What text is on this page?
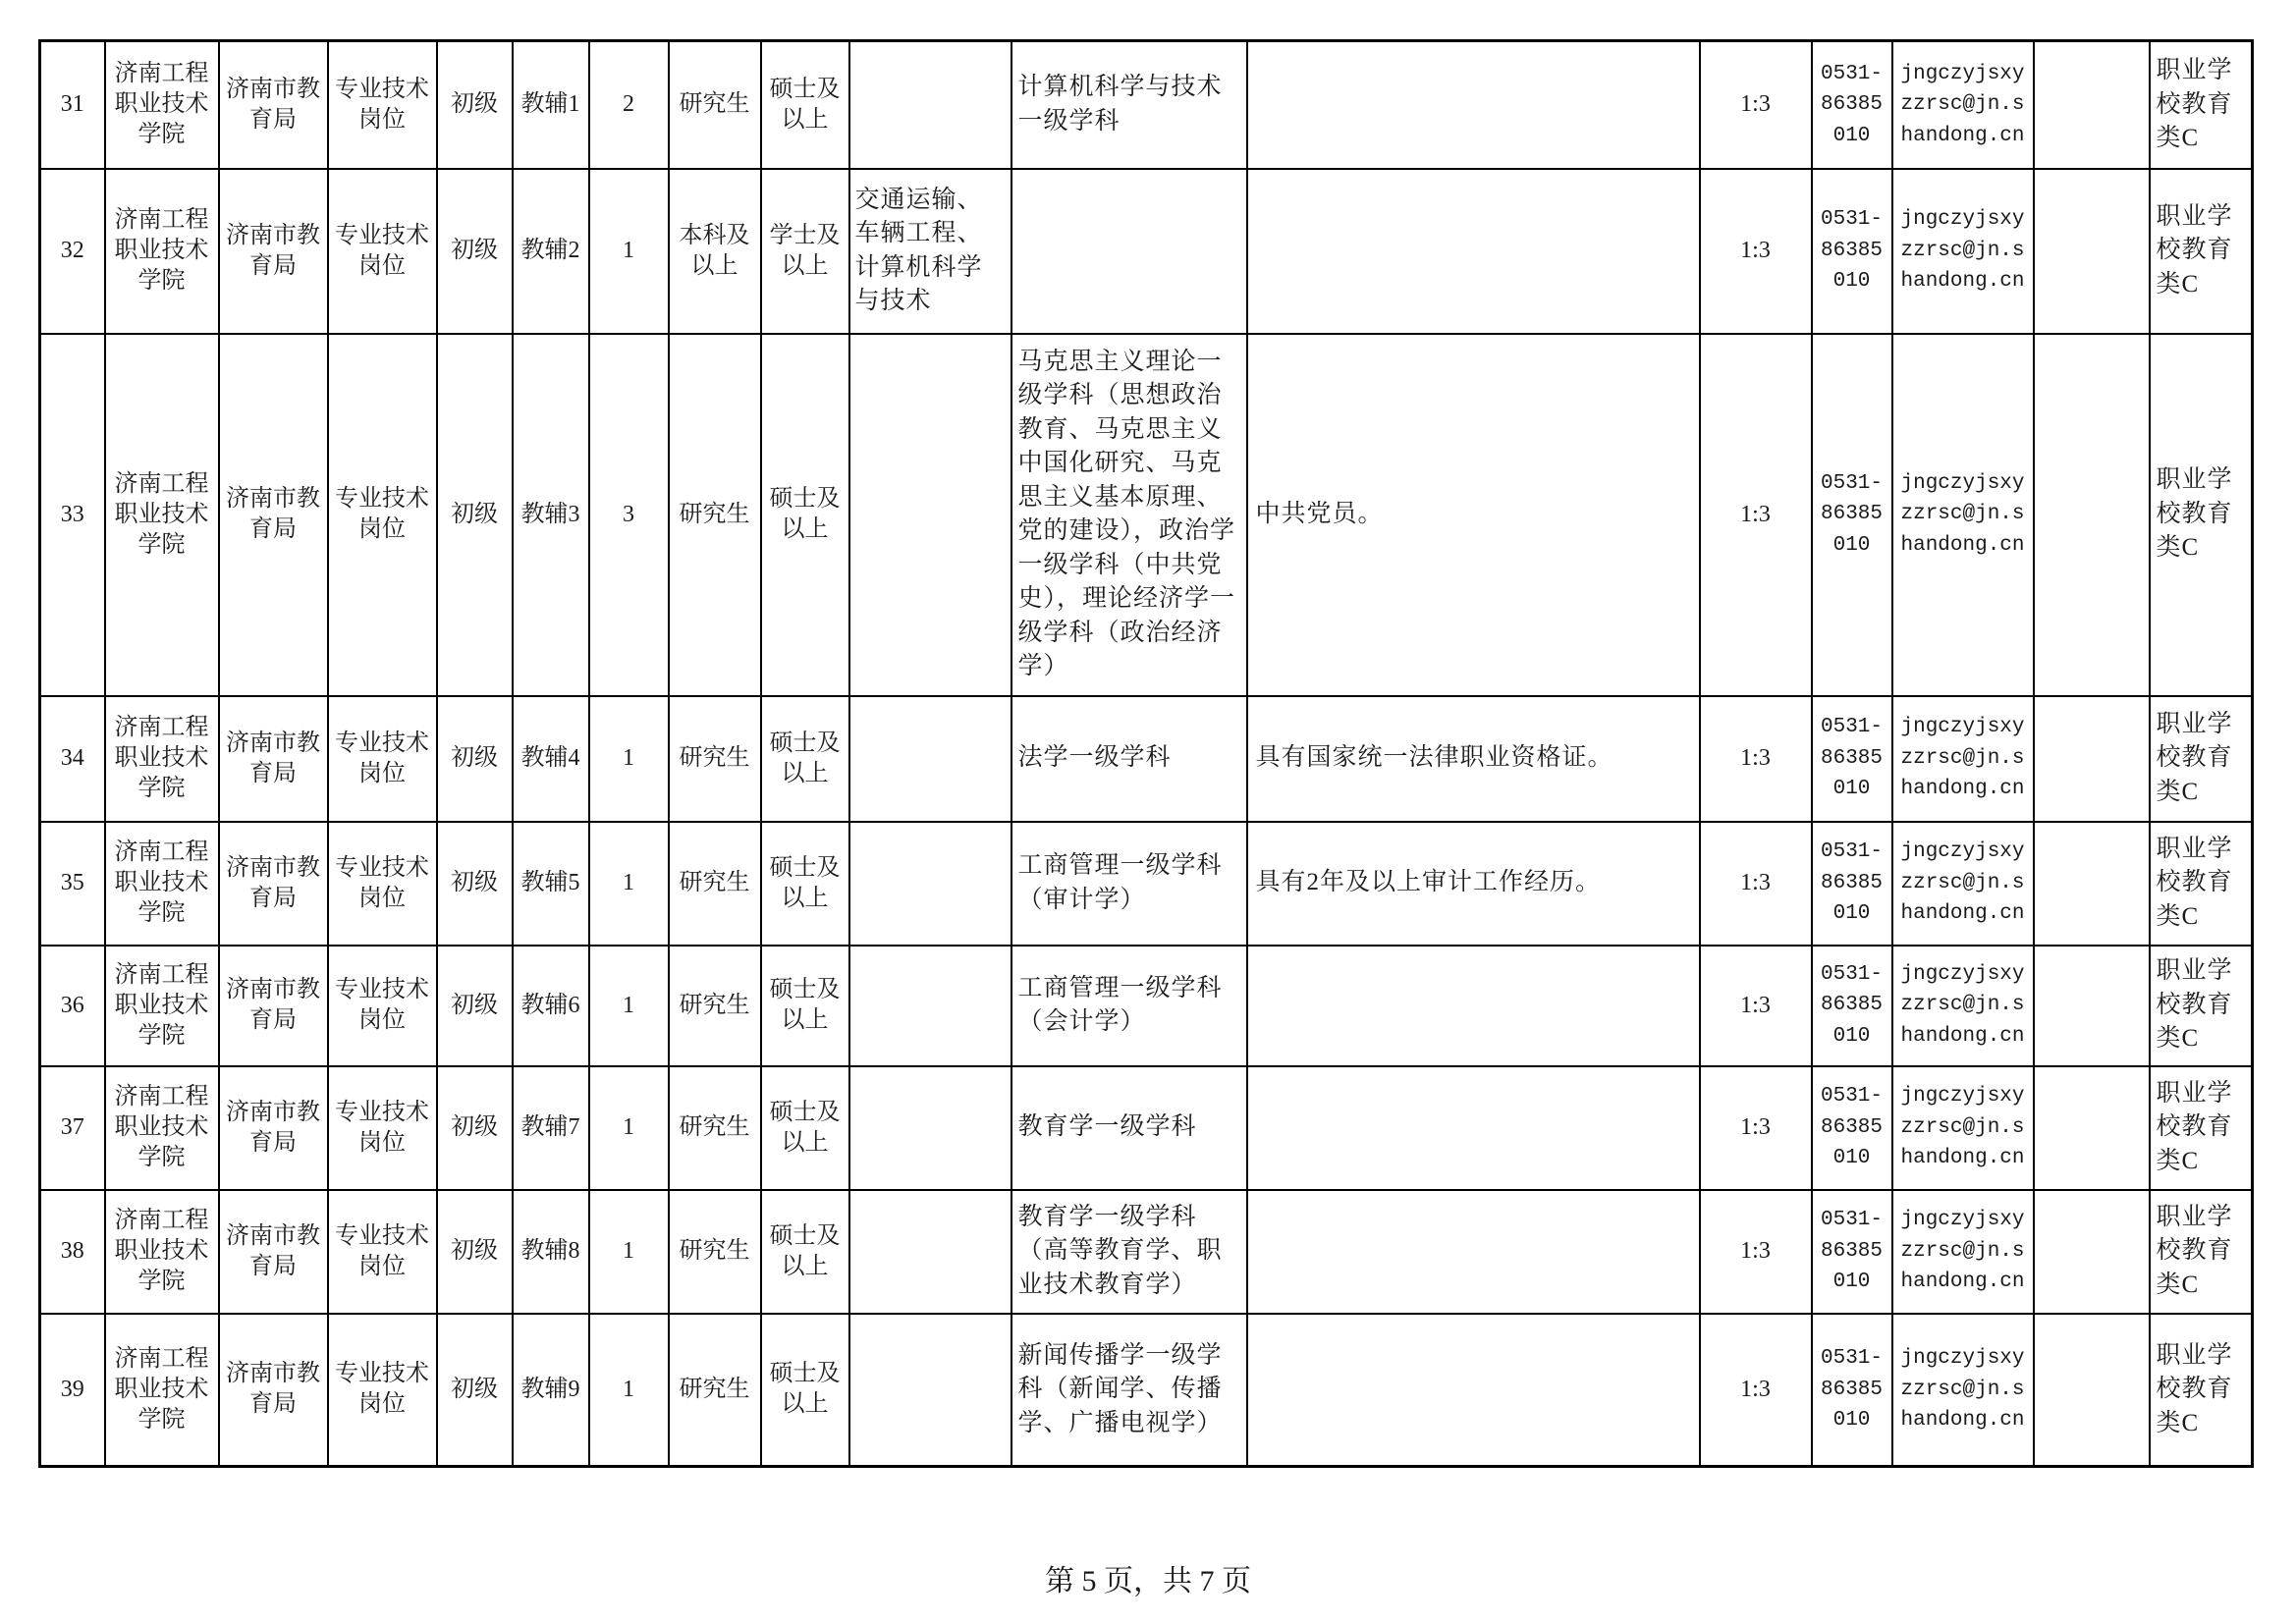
31	济南工程职业技术学院	济南市教育局	专业技术岗位	初级	教辅1	2	研究生	硕士及以上		计算机科学与技术一级学科		1:3	0531-86385010	jngczyjsxyzzrsc@jn.shandong.cn		职业学校教育类C
32	济南工程职业技术学院	济南市教育局	专业技术岗位	初级	教辅2	1	本科及以上	学士及以上	交通运输、车辆工程、计算机科学与技术			1:3	0531-86385010	jngczyjsxyzzrsc@jn.shandong.cn		职业学校教育类C
33	济南工程职业技术学院	济南市教育局	专业技术岗位	初级	教辅3	3	研究生	硕士及以上		马克思主义理论一级学科（思想政治教育、马克思主义中国化研究、马克思主义基本原理、党的建设），政治学一级学科（中共党史），理论经济学一级学科（政治经济学）	中共党员。	1:3	0531-86385010	jngczyjsxyzzrsc@jn.shandong.cn		职业学校教育类C
34	济南工程职业技术学院	济南市教育局	专业技术岗位	初级	教辅4	1	研究生	硕士及以上		法学一级学科	具有国家统一法律职业资格证。	1:3	0531-86385010	jngczyjsxyzzrsc@jn.shandong.cn		职业学校教育类C
35	济南工程职业技术学院	济南市教育局	专业技术岗位	初级	教辅5	1	研究生	硕士及以上		工商管理一级学科（审计学）	具有2年及以上审计工作经历。	1:3	0531-86385010	jngczyjsxyzzrsc@jn.shandong.cn		职业学校教育类C
36	济南工程职业技术学院	济南市教育局	专业技术岗位	初级	教辅6	1	研究生	硕士及以上		工商管理一级学科（会计学）		1:3	0531-86385010	jngczyjsxyzzrsc@jn.shandong.cn		职业学校教育类C
37	济南工程职业技术学院	济南市教育局	专业技术岗位	初级	教辅7	1	研究生	硕士及以上		教育学一级学科		1:3	0531-86385010	jngczyjsxyzzrsc@jn.shandong.cn		职业学校教育类C
38	济南工程职业技术学院	济南市教育局	专业技术岗位	初级	教辅8	1	研究生	硕士及以上		教育学一级学科（高等教育学、职业技术教育学）		1:3	0531-86385010	jngczyjsxyzzrsc@jn.shandong.cn		职业学校教育类C
39	济南工程职业技术学院	济南市教育局	专业技术岗位	初级	教辅9	1	研究生	硕士及以上		新闻传播学一级学科（新闻学、传播学、广播电视学）		1:3	0531-86385010	jngczyjsxyzzrsc@jn.shandong.cn		职业学校教育类C
第 5 页，共 7 页
